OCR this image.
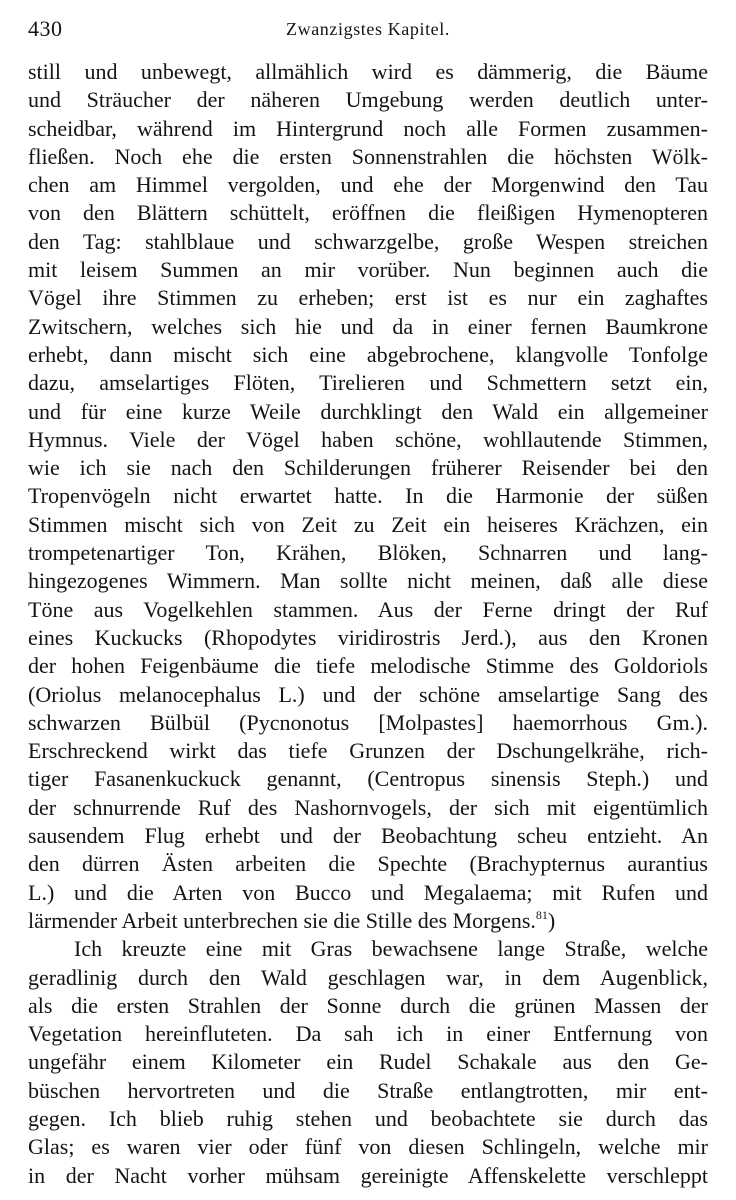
430	Zwanzigstes Kapitel.
still und unbewegt, allmählich wird es dämmerig, die Bäume
und Sträucher der näheren Umgebung werden deutlich unter-
scheidbar, während im Hintergrund noch alle Formen zusammen-
fließen. Noch ehe die ersten Sonnenstrahlen die höchsten Wölk-
chen am Himmel vergolden, und ehe der Morgenwind den Tau
von den Blättern schüttelt, eröffnen die fleißigen Hymenopteren
den Tag: stahlblaue und schwarzgelbe, große Wespen streichen
mit leisem Summen an mir vorüber. Nun beginnen auch die
Vögel ihre Stimmen zu erheben; erst ist es nur ein zaghaftes
Zwitschern, welches sich hie und da in einer fernen Baumkrone
erhebt, dann mischt sich eine abgebrochene, klangvolle Tonfolge
dazu, amselartiges Flöten, Tirelieren und Schmettern setzt ein,
und für eine kurze Weile durchklingt den Wald ein allgemeiner
Hymnus. Viele der Vögel haben schöne, wohllautende Stimmen,
wie ich sie nach den Schilderungen früherer Reisender bei den
Tropenvögeln nicht erwartet hatte. In die Harmonie der süßen
Stimmen mischt sich von Zeit zu Zeit ein heiseres Krächzen, ein
trompetenartiger Ton, Krähen, Blöken, Schnarren und lang-
hingezogenes Wimmern. Man sollte nicht meinen, daß alle diese
Töne aus Vogelkehlen stammen. Aus der Ferne dringt der Ruf
eines Kuckucks (Rhopodytes viridirostris Jerd.), aus den Kronen
der hohen Feigenbäume die tiefe melodische Stimme des Goldoriols
(Oriolus melanocephalus L.) und der schöne amselartige Sang des
schwarzen Bülbül (Pycnonotus [Molpastes] haemorrhous Gm.).
Erschreckend wirkt das tiefe Grunzen der Dschungelkrähe, rich-
tiger Fasanenkuckuck genannt, (Centropus sinensis Steph.) und
der schnurrende Ruf des Nashornvogels, der sich mit eigentümlich
sausendem Flug erhebt und der Beobachtung scheu entzieht. An
den dürren Ästen arbeiten die Spechte (Brachypternus aurantius
L.) und die Arten von Bucco und Megalaema; mit Rufen und
lärmender Arbeit unterbrechen sie die Stille des Morgens.$^{81}$)
Ich kreuzte eine mit Gras bewachsene lange Straße, welche
geradlinig durch den Wald geschlagen war, in dem Augenblick,
als die ersten Strahlen der Sonne durch die grünen Massen der
Vegetation hereinfluteten. Da sah ich in einer Entfernung von
ungefähr einem Kilometer ein Rudel Schakale aus den Ge-
büschen hervortreten und die Straße entlangtrotten, mir ent-
gegen. Ich blieb ruhig stehen und beobachtete sie durch das
Glas; es waren vier oder fünf von diesen Schlingeln, welche mir
in der Nacht vorher mühsam gereinigte Affenskelette verschleppt
